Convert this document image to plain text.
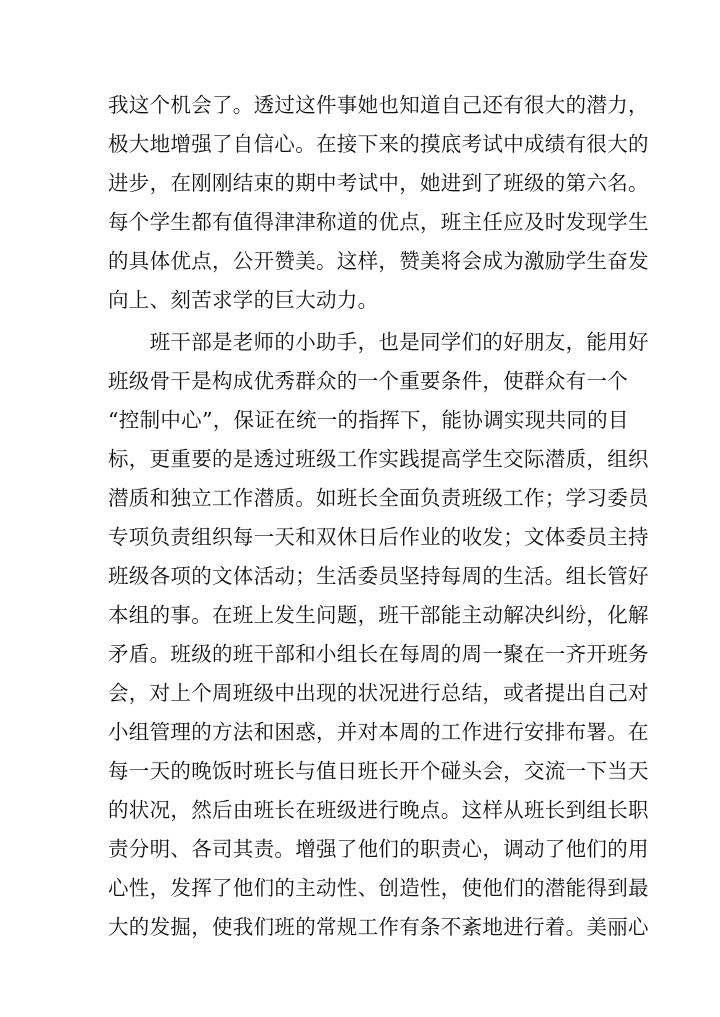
我这个机会了。透过这件事她也知道自己还有很大的潜力，
极大地增强了自信心。在接下来的摸底考试中成绩有很大的
进步，在刚刚结束的期中考试中，她进到了班级的第六名。
每个学生都有值得津津称道的优点，班主任应及时发现学生
的具体优点，公开赞美。这样，赞美将会成为激励学生奋发
向上、刻苦求学的巨大动力。
　　班干部是老师的小助手，也是同学们的好朋友，能用好
班级骨干是构成优秀群众的一个重要条件，使群众有一个
“控制中心”，保证在统一的指挥下，能协调实现共同的目
标，更重要的是透过班级工作实践提高学生交际潜质，组织
潜质和独立工作潜质。如班长全面负责班级工作；学习委员
专项负责组织每一天和双休日后作业的收发；文体委员主持
班级各项的文体活动；生活委员坚持每周的生活。组长管好
本组的事。在班上发生问题，班干部能主动解决纠纷，化解
矛盾。班级的班干部和小组长在每周的周一聚在一齐开班务
会，对上个周班级中出现的状况进行总结，或者提出自己对
小组管理的方法和困惑，并对本周的工作进行安排布署。在
每一天的晚饭时班长与值日班长开个碰头会，交流一下当天
的状况，然后由班长在班级进行晚点。这样从班长到组长职
责分明、各司其责。增强了他们的职责心，调动了他们的用
心性，发挥了他们的主动性、创造性，使他们的潜能得到最
大的发掘，使我们班的常规工作有条不紊地进行着。美丽心
